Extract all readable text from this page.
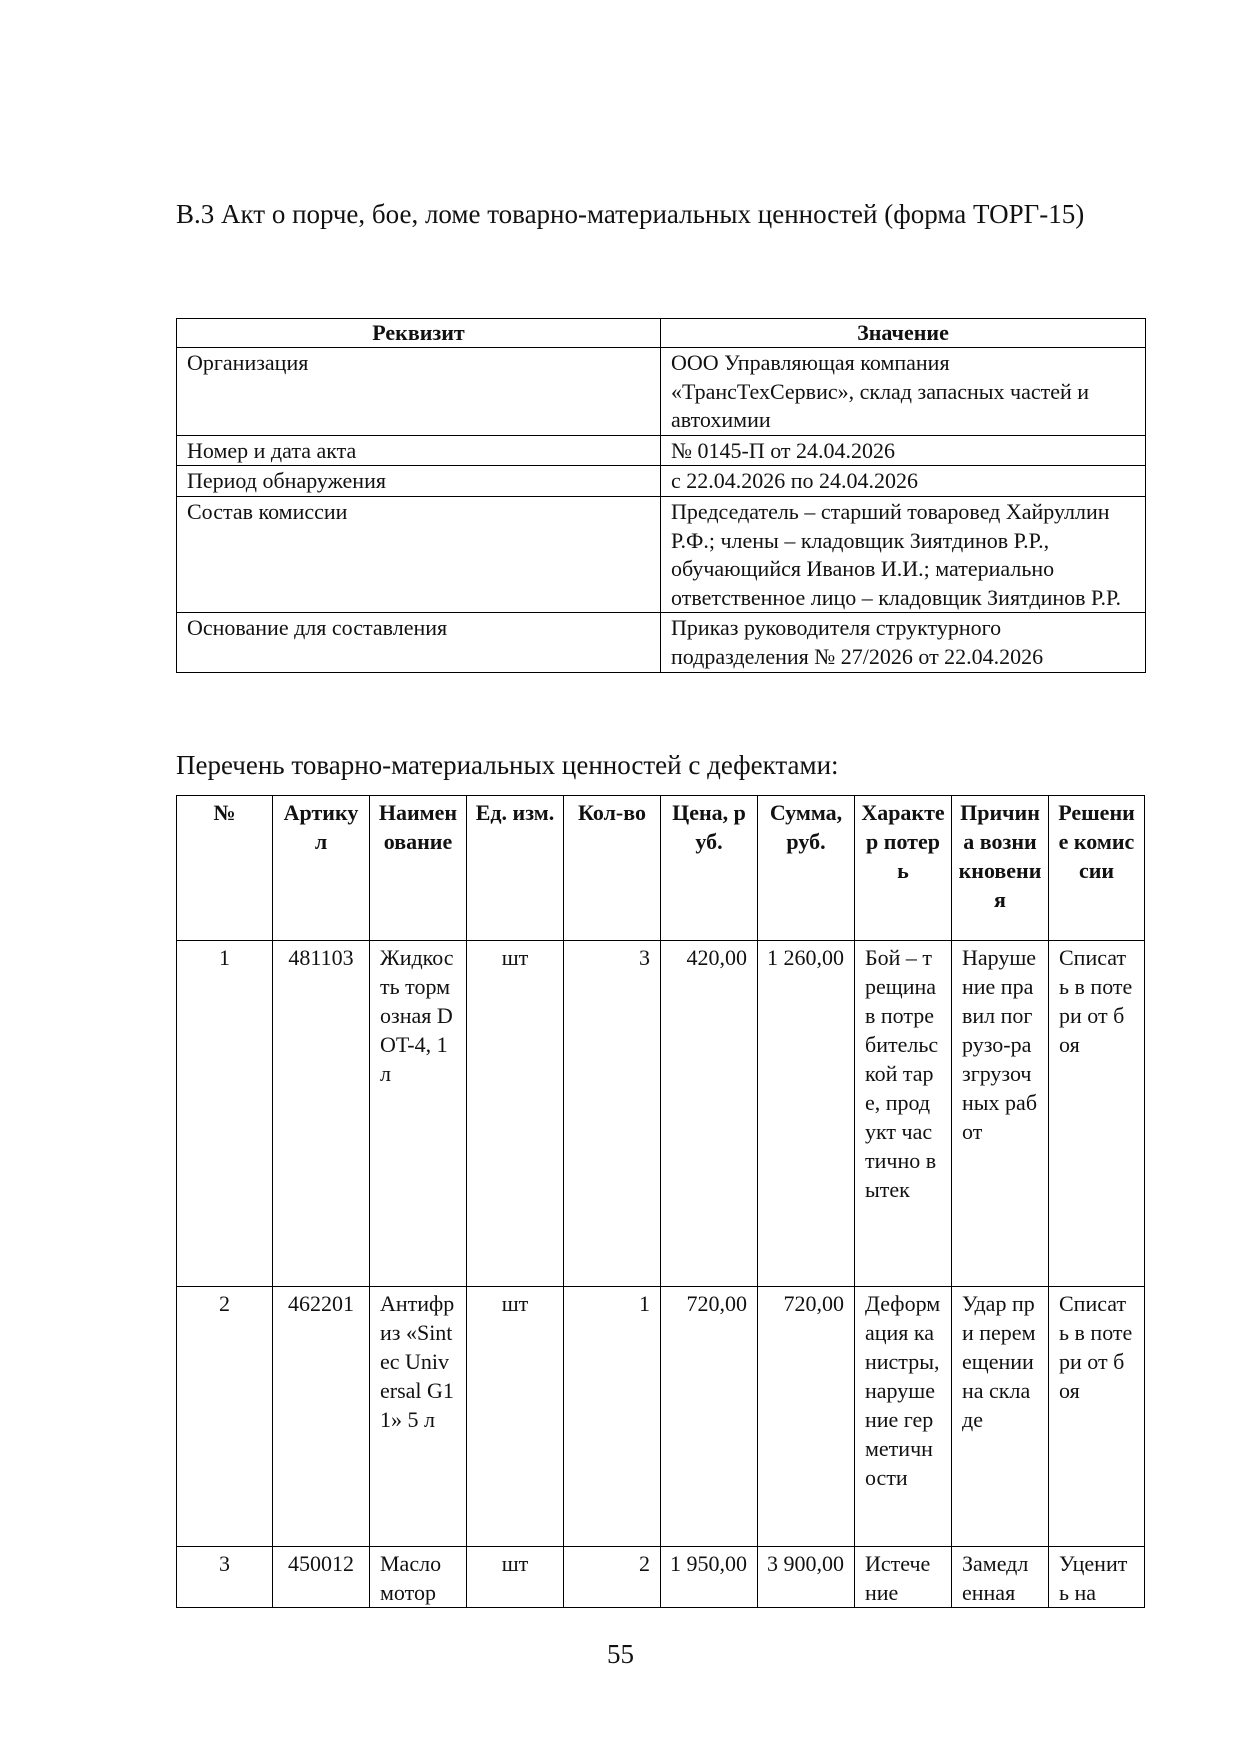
В.3 Акт о порче, бое, ломе товарно-материальных ценностей (форма ТОРГ-15)
Реквизит	Значение
Организация	ООО Управляющая компания «ТрансТехСервис», склад запасных частей и автохимии
Номер и дата акта	№ 0145-П от 24.04.2026
Период обнаружения	с 22.04.2026 по 24.04.2026
Состав комиссии	Председатель – старший товаровед Хайруллин Р.Ф.; члены – кладовщик Зиятдинов Р.Р., обучающийся Иванов И.И.; материально ответственное лицо – кладовщик Зиятдинов Р.Р.
Основание для составления	Приказ руководителя структурного подразделения № 27/2026 от 22.04.2026
Перечень товарно-материальных ценностей с дефектами:
№	Артикул	Наименование	Ед. изм.	Кол-во	Цена, руб.	Сумма, руб.	Характер потерь	Причина возникновения	Решение комиссии
1	481103	Жидкость тормозная DOT-4, 1 л	шт	3	420,00	1 260,00	Бой – трещина в потребительской таре, продукт частично вытек	Нарушение правил погрузо-разгрузочных работ	Списать в потери от боя
2	462201	Антифриз «Sintec Universal G11» 5 л	шт	1	720,00	720,00	Деформация канистры, нарушение герметичности	Удар при перемещении на складе	Списать в потери от боя
3	450012	Масло мотор	шт	2	1 950,00	3 900,00	Истечение	Замедленная	Уценить на
55
